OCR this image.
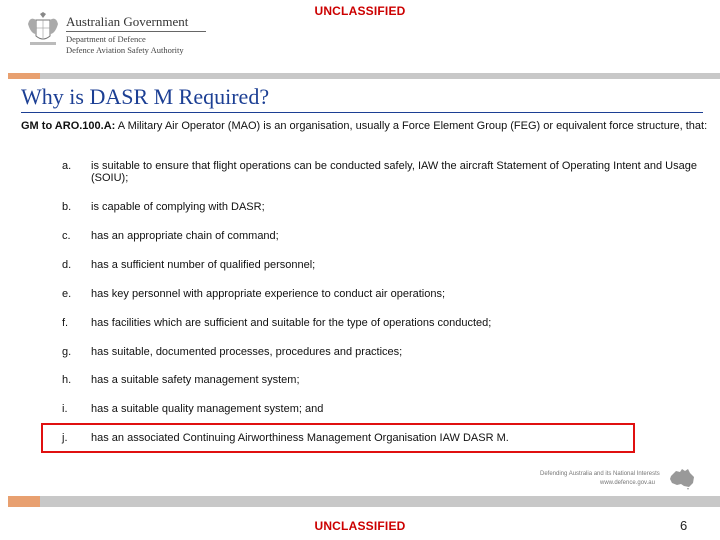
UNCLASSIFIED
Australian Government
Department of Defence
Defence Aviation Safety Authority
Why is DASR M Required?
GM to ARO.100.A: A Military Air Operator (MAO) is an organisation, usually a Force Element Group (FEG) or equivalent force structure, that:
a.	is suitable to ensure that flight operations can be conducted safely, IAW the aircraft Statement of Operating Intent and Usage (SOIU);
b.	is capable of complying with DASR;
c.	has an appropriate chain of command;
d.	has a sufficient number of qualified personnel;
e.	has key personnel with appropriate experience to conduct air operations;
f.	has facilities which are sufficient and suitable for the type of operations conducted;
g.	has suitable, documented processes, procedures and practices;
h.	has a suitable safety management system;
i.	has a suitable quality management system; and
j.	has an associated Continuing Airworthiness Management Organisation IAW DASR M.
Defending Australia and its National Interests
www.defence.gov.au
UNCLASSIFIED	6
